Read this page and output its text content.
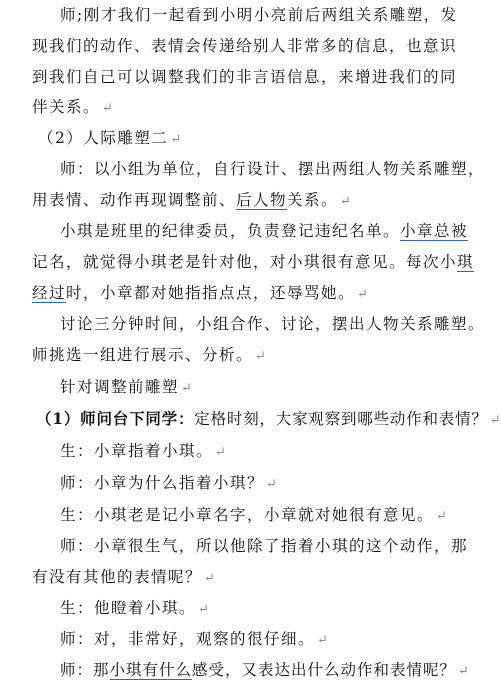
师;刚才我们一起看到小明小亮前后两组关系雕塑，发
现我们的动作、表情会传递给别人非常多的信息，也意识
到我们自己可以调整我们的非言语信息，来增进我们的同
伴关系。 ↵
（2）人际雕塑二 ↵
师：以小组为单位，自行设计、摆出两组人物关系雕塑，
用表情、动作再现调整前、后人物关系。 ↵
小琪是班里的纪律委员，负责登记违纪名单。小章总被
记名，就觉得小琪老是针对他，对小琪很有意见。每次小琪
经过时，小章都对她指指点点，还辱骂她。 ↵
讨论三分钟时间，小组合作、讨论，摆出人物关系雕塑。
师挑选一组进行展示、分析。 ↵
针对调整前雕塑 ↵
（1）师问台下同学：定格时刻，大家观察到哪些动作和表情？ ↵
生：小章指着小琪。 ↵
师：小章为什么指着小琪？ ↵
生：小琪老是记小章名字，小章就对她很有意见。 ↵
师：小章很生气，所以他除了指着小琪的这个动作，那
有没有其他的表情呢？ ↵
生：他瞪着小琪。 ↵
师：对，非常好，观察的很仔细。 ↵
师：那小琪有什么感受，又表达出什么动作和表情呢？ ↵
